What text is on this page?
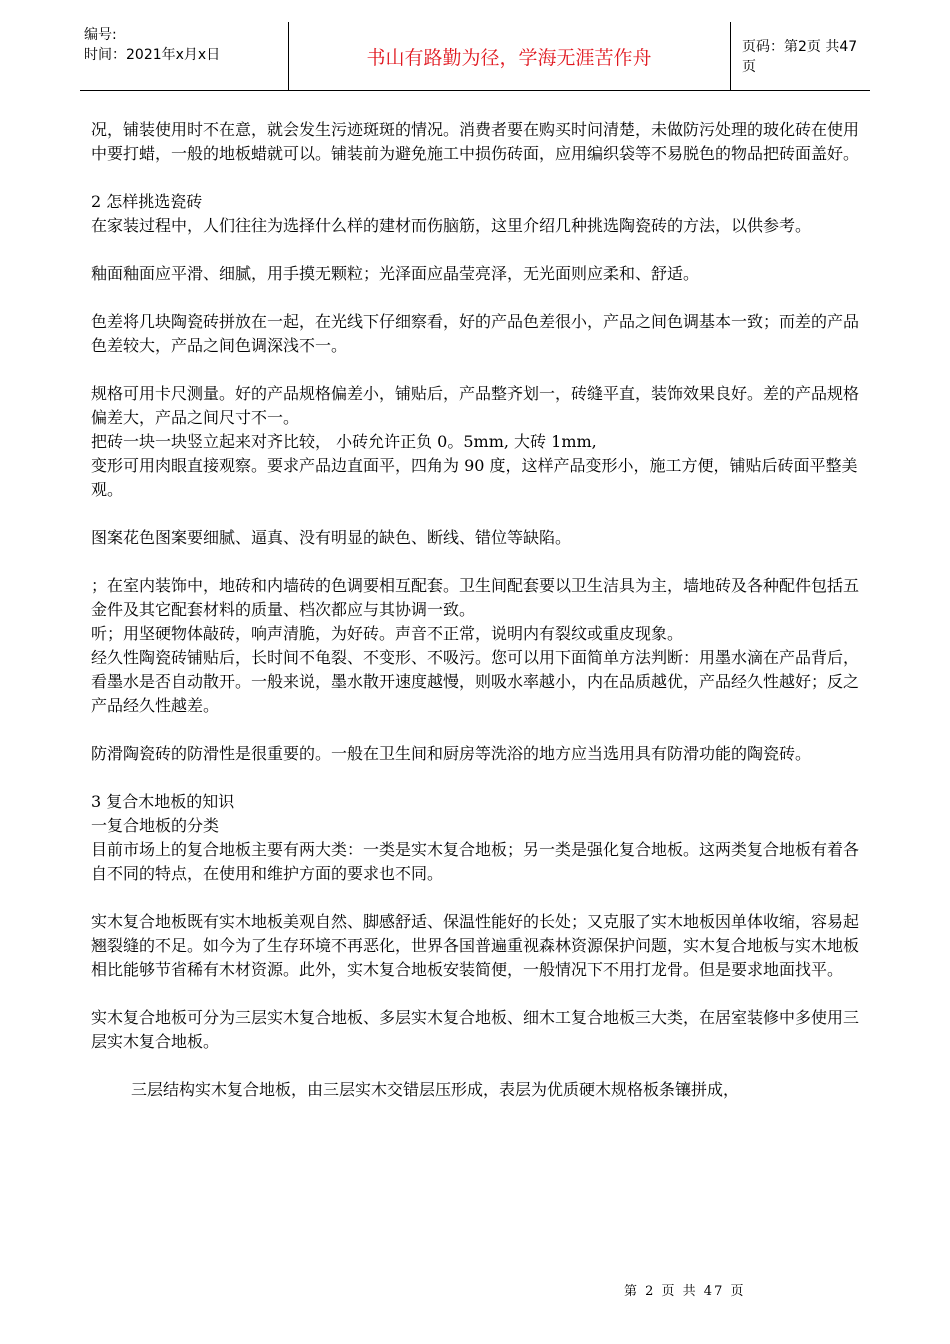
编号:
时间：2021年x月x日	书山有路勤为径，学海无涯苦作舟	页码：第2页 共47页

况，铺装使用时不在意，就会发生污迹斑斑的情况。消费者要在购买时问清楚，未做防污处理的玻化砖在使用中要打蜡，一般的地板蜡就可以。铺装前为避免施工中损伤砖面，应用编织袋等不易脱色的物品把砖面盖好。

2 怎样挑选瓷砖

在家装过程中，人们往往为选择什么样的建材而伤脑筋，这里介绍几种挑选陶瓷砖的方法，以供参考。

釉面釉面应平滑、细腻，用手摸无颗粒；光泽面应晶莹亮泽，无光面则应柔和、舒适。

色差将几块陶瓷砖拼放在一起，在光线下仔细察看，好的产品色差很小，产品之间色调基本一致；而差的产品色差较大，产品之间色调深浅不一。

规格可用卡尺测量。好的产品规格偏差小，铺贴后，产品整齐划一，砖缝平直，装饰效果良好。差的产品规格偏差大，产品之间尺寸不一。

把砖一块一块竖立起来对齐比较， 小砖允许正负 0。5mm, 大砖 1mm,

变形可用肉眼直接观察。要求产品边直面平，四角为 90 度，这样产品变形小，施工方便，铺贴后砖面平整美观。

图案花色图案要细腻、逼真、没有明显的缺色、断线、错位等缺陷。

；在室内装饰中，地砖和内墙砖的色调要相互配套。卫生间配套要以卫生洁具为主，墙地砖及各种配件包括五金件及其它配套材料的质量、档次都应与其协调一致。

听；用坚硬物体敲砖，响声清脆，为好砖。声音不正常，说明内有裂纹或重皮现象。

经久性陶瓷砖铺贴后，长时间不龟裂、不变形、不吸污。您可以用下面简单方法判断：用墨水滴在产品背后，看墨水是否自动散开。一般来说，墨水散开速度越慢，则吸水率越小，内在品质越优，产品经久性越好；反之产品经久性越差。

防滑陶瓷砖的防滑性是很重要的。一般在卫生间和厨房等洗浴的地方应当选用具有防滑功能的陶瓷砖。

3 复合木地板的知识

一复合地板的分类

目前市场上的复合地板主要有两大类：一类是实木复合地板；另一类是强化复合地板。这两类复合地板有着各自不同的特点，在使用和维护方面的要求也不同。

实木复合地板既有实木地板美观自然、脚感舒适、保温性能好的长处；又克服了实木地板因单体收缩，容易起翘裂缝的不足。如今为了生存环境不再恶化，世界各国普遍重视森林资源保护问题，实木复合地板与实木地板相比能够节省稀有木材资源。此外，实木复合地板安装简便，一般情况下不用打龙骨。但是要求地面找平。

实木复合地板可分为三层实木复合地板、多层实木复合地板、细木工复合地板三大类，在居室装修中多使用三层实木复合地板。

三层结构实木复合地板，由三层实木交错层压形成，表层为优质硬木规格板条镶拼成，

第 2 页 共 47 页
